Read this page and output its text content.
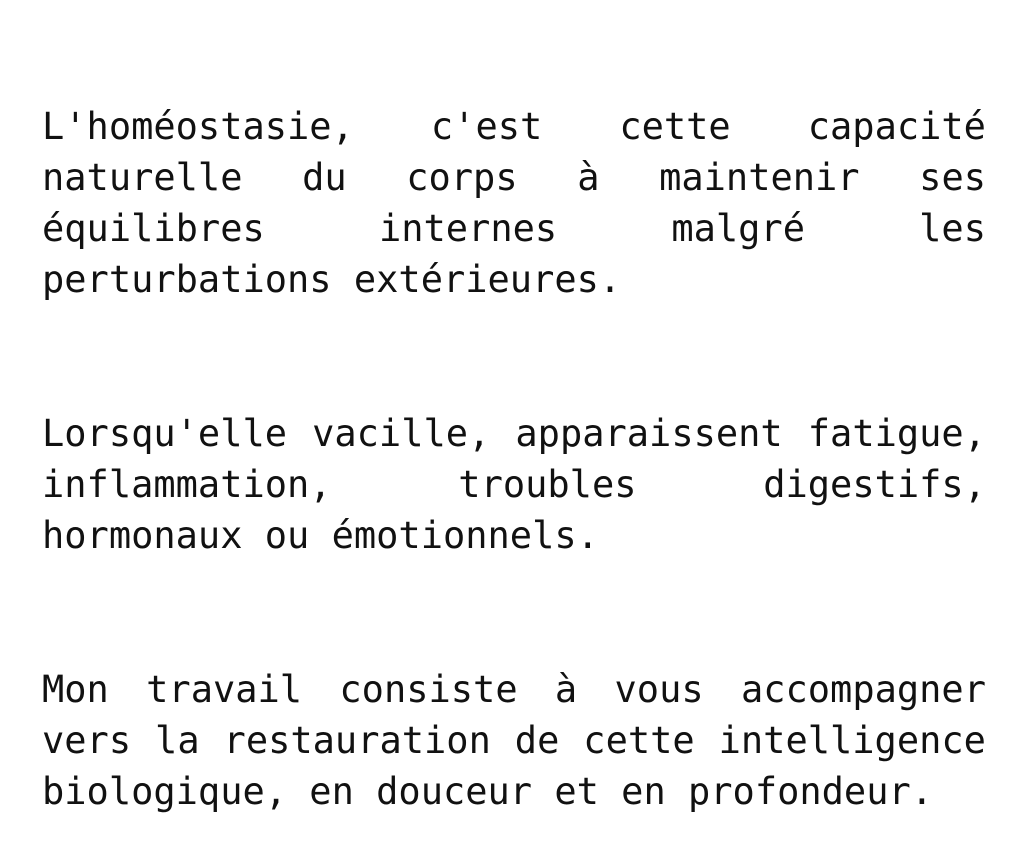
L'homéostasie, c'est cette capacité
naturelle du corps à maintenir ses
équilibres	internes	malgré	les
perturbations extérieures.
Lorsqu'elle vacille, apparaissent fatigue,
inflammation,	troubles	digestifs,
hormonaux ou émotionnels.
Mon travail consiste à vous accompagner
vers la restauration de cette intelligence
biologique, en douceur et en profondeur.
